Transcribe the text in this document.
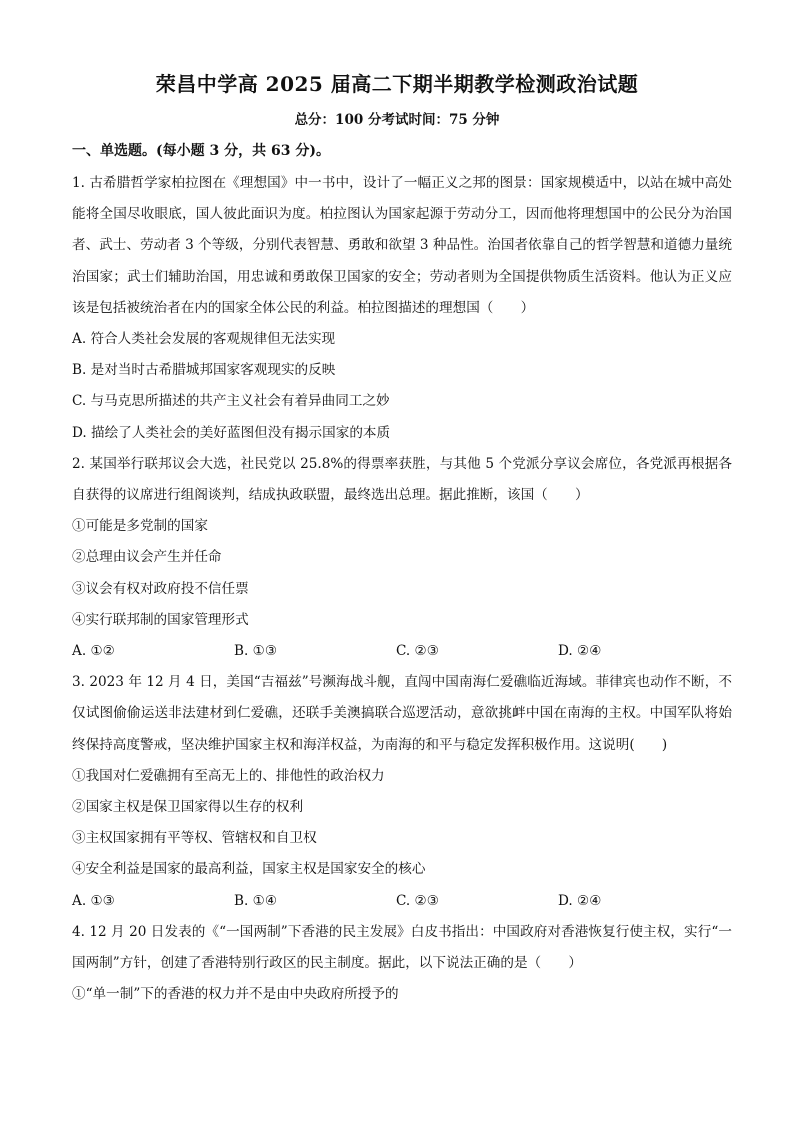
荣昌中学高 2025 届高二下期半期教学检测政治试题
总分：100 分考试时间：75 分钟
一、单选题。(每小题 3 分，共 63 分)。

1. 古希腊哲学家柏拉图在《理想国》中一书中，设计了一幅正义之邦的图景：国家规模适中，以站在城中高处能将全国尽收眼底，国人彼此面识为度。柏拉图认为国家起源于劳动分工，因而他将理想国中的公民分为治国者、武士、劳动者 3 个等级，分别代表智慧、勇敢和欲望 3 种品性。治国者依靠自己的哲学智慧和道德力量统治国家；武士们辅助治国，用忠诚和勇敢保卫国家的安全；劳动者则为全国提供物质生活资料。他认为正义应该是包括被统治者在内的国家全体公民的利益。柏拉图描述的理想国（　　）

A. 符合人类社会发展的客观规律但无法实现

B. 是对当时古希腊城邦国家客观现实的反映

C. 与马克思所描述的共产主义社会有着异曲同工之妙

D. 描绘了人类社会的美好蓝图但没有揭示国家的本质

2. 某国举行联邦议会大选，社民党以 25.8%的得票率获胜，与其他 5 个党派分享议会席位，各党派再根据各自获得的议席进行组阁谈判，结成执政联盟，最终选出总理。据此推断，该国（　　）

①可能是多党制的国家

②总理由议会产生并任命

③议会有权对政府投不信任票

④实行联邦制的国家管理形式

A. ①②	B. ①③	C. ②③	D. ②④

3. 2023 年 12 月 4 日，美国“吉福兹”号濒海战斗舰，直闯中国南海仁爱礁临近海域。菲律宾也动作不断，不仅试图偷偷运送非法建材到仁爱礁，还联手美澳搞联合巡逻活动，意欲挑衅中国在南海的主权。中国军队将始终保持高度警戒，坚决维护国家主权和海洋权益，为南海的和平与稳定发挥积极作用。这说明(　　)

①我国对仁爱礁拥有至高无上的、排他性的政治权力

②国家主权是保卫国家得以生存的权利

③主权国家拥有平等权、管辖权和自卫权

④安全利益是国家的最高利益，国家主权是国家安全的核心

A. ①③	B. ①④	C. ②③	D. ②④

4. 12 月 20 日发表的《“一国两制”下香港的民主发展》白皮书指出：中国政府对香港恢复行使主权，实行“一国两制”方针，创建了香港特别行政区的民主制度。据此，以下说法正确的是（　　）

①“单一制”下的香港的权力并不是由中央政府所授予的
